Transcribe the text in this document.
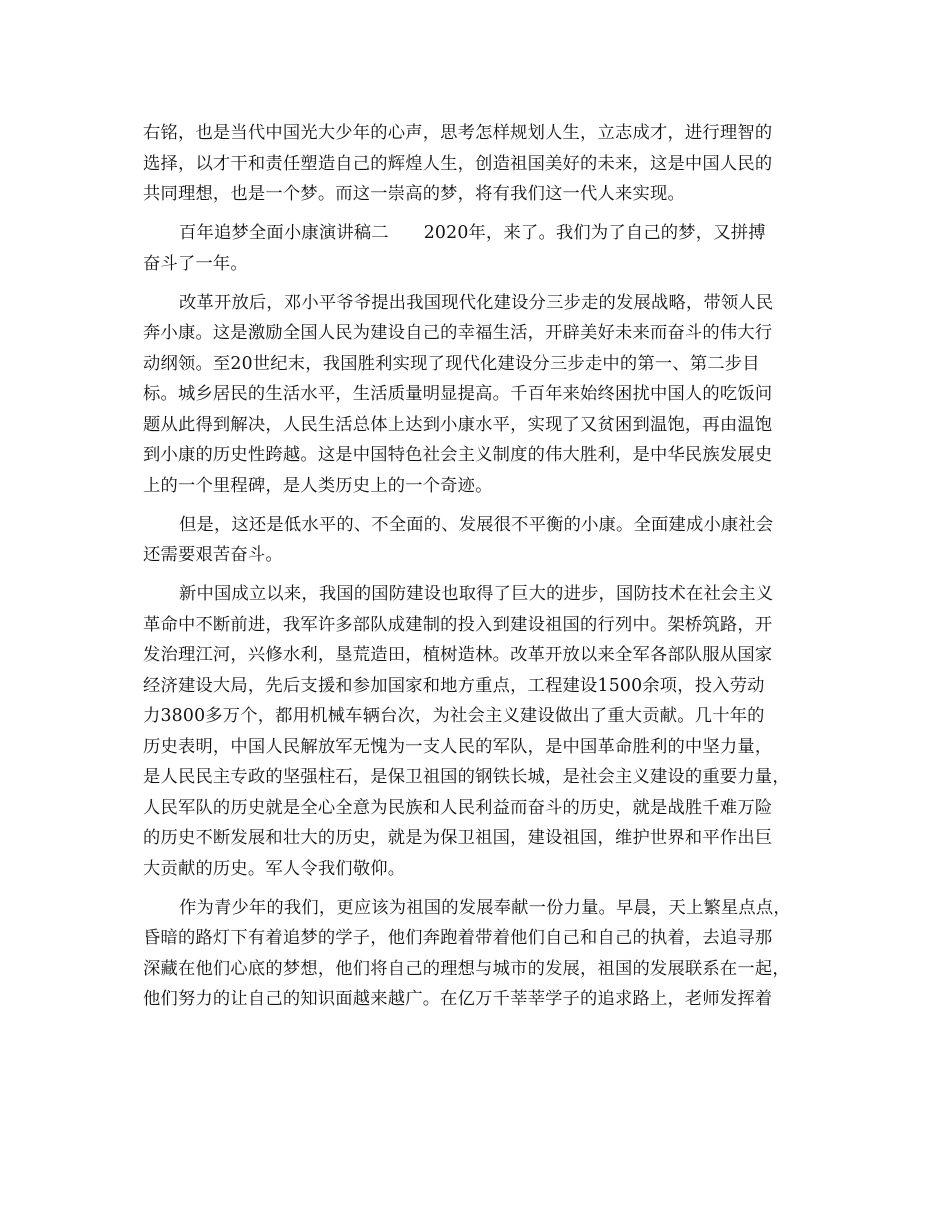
右铭，也是当代中国光大少年的心声，思考怎样规划人生，立志成才，进行理智的
选择，以才干和责任塑造自己的辉煌人生，创造祖国美好的未来，这是中国人民的
共同理想，也是一个梦。而这一崇高的梦，将有我们这一代人来实现。
百年追梦全面小康演讲稿二　　2020年，来了。我们为了自己的梦，又拼搏
奋斗了一年。
改革开放后，邓小平爷爷提出我国现代化建设分三步走的发展战略，带领人民
奔小康。这是激励全国人民为建设自己的幸福生活，开辟美好未来而奋斗的伟大行
动纲领。至20世纪末，我国胜利实现了现代化建设分三步走中的第一、第二步目
标。城乡居民的生活水平，生活质量明显提高。千百年来始终困扰中国人的吃饭问
题从此得到解决，人民生活总体上达到小康水平，实现了又贫困到温饱，再由温饱
到小康的历史性跨越。这是中国特色社会主义制度的伟大胜利，是中华民族发展史
上的一个里程碑，是人类历史上的一个奇迹。
但是，这还是低水平的、不全面的、发展很不平衡的小康。全面建成小康社会
还需要艰苦奋斗。
新中国成立以来，我国的国防建设也取得了巨大的进步，国防技术在社会主义
革命中不断前进，我军许多部队成建制的投入到建设祖国的行列中。架桥筑路，开
发治理江河，兴修水利，垦荒造田，植树造林。改革开放以来全军各部队服从国家
经济建设大局，先后支援和参加国家和地方重点，工程建设1500余项，投入劳动
力3800多万个，都用机械车辆台次，为社会主义建设做出了重大贡献。几十年的
历史表明，中国人民解放军无愧为一支人民的军队，是中国革命胜利的中坚力量，
是人民民主专政的坚强柱石，是保卫祖国的钢铁长城，是社会主义建设的重要力量，
人民军队的历史就是全心全意为民族和人民利益而奋斗的历史，就是战胜千难万险
的历史不断发展和壮大的历史，就是为保卫祖国，建设祖国，维护世界和平作出巨
大贡献的历史。军人令我们敬仰。
作为青少年的我们，更应该为祖国的发展奉献一份力量。早晨，天上繁星点点，
昏暗的路灯下有着追梦的学子，他们奔跑着带着他们自己和自己的执着，去追寻那
深藏在他们心底的梦想，他们将自己的理想与城市的发展，祖国的发展联系在一起，
他们努力的让自己的知识面越来越广。在亿万千莘莘学子的追求路上，老师发挥着
